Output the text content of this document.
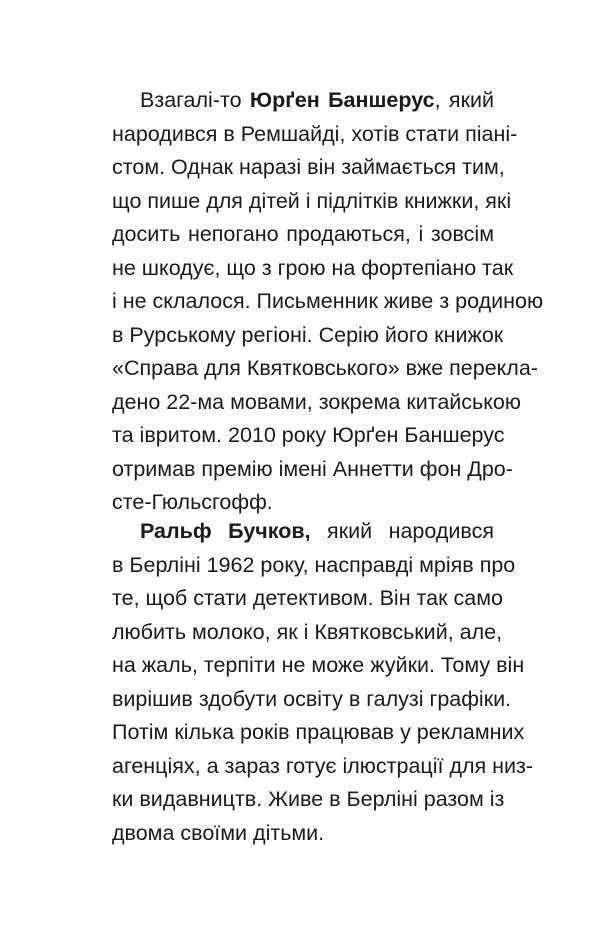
Взагалі-то Юрґен Баншерус, який
народився в Ремшайді, хотів стати піані-
стом. Однак наразі він займається тим,
що пише для дітей і підлітків книжки, які
досить непогано продаються, і зовсім
не шкодує, що з грою на фортепіано так
і не склалося. Письменник живе з родиною
в Рурському регіоні. Серію його книжок
«Справа для Квятковського» вже перекла-
дено 22-ма мовами, зокрема китайською
та івритом. 2010 року Юрґен Баншерус
отримав премію імені Аннетти фон Дро-
сте-Гюльсгофф.
Ральф Бучков, який народився
в Берліні 1962 року, насправді мріяв про
те, щоб стати детективом. Він так само
любить молоко, як і Квятковський, але,
на жаль, терпіти не може жуйки. Тому він
вирішив здобути освіту в галузі графіки.
Потім кілька років працював у рекламних
агенціях, а зараз готує ілюстрації для низ-
ки видавництв. Живе в Берліні разом із
двома своїми дітьми.
